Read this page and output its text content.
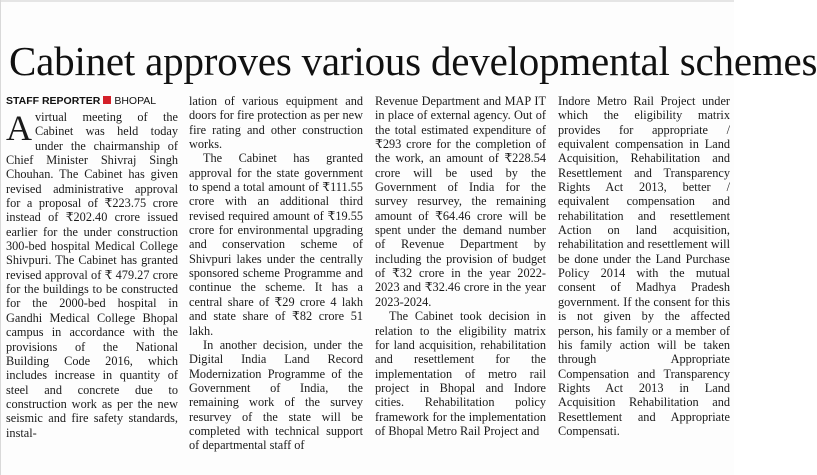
Cabinet approves various developmental schemes
STAFF REPORTER BHOPAL

Avirtual meeting of the Cabinet was held today under the chairmanship of Chief Minister Shivraj Singh Chouhan. The Cabinet has given revised administrative approval for a proposal of ₹223.75 crore instead of ₹202.40 crore issued earlier for the under construction 300-bed hospital Medical College Shivpuri. The Cabinet has granted revised approval of ₹ 479.27 crore for the buildings to be constructed for the 2000-bed hospital in Gandhi Medical College Bhopal campus in accordance with the provisions of the National Building Code 2016, which includes increase in quantity of steel and concrete due to construction work as per the new seismic and fire safety standards, instal-

lation of various equipment and doors for fire protection as per new fire rating and other construction works.

The Cabinet has granted approval for the state government to spend a total amount of ₹111.55 crore with an additional third revised required amount of ₹19.55 crore for environmental upgrading and conservation scheme of Shivpuri lakes under the centrally sponsored scheme Programme and continue the scheme. It has a central share of ₹29 crore 4 lakh and state share of ₹82 crore 51 lakh.

In another decision, under the Digital India Land Record Modernization Programme of the Government of India, the remaining work of the survey resurvey of the state will be completed with technical support of departmental staff of

Revenue Department and MAP IT in place of external agency. Out of the total estimated expenditure of ₹293 crore for the completion of the work, an amount of ₹228.54 crore will be used by the Government of India for the survey resurvey, the remaining amount of ₹64.46 crore will be spent under the demand number of Revenue Department by including the provision of budget of ₹32 crore in the year 2022-2023 and ₹32.46 crore in the year 2023-2024.

The Cabinet took decision in relation to the eligibility matrix for land acquisition, rehabilitation and resettlement for the implementation of metro rail project in Bhopal and Indore cities. Rehabilitation policy framework for the implementation of Bhopal Metro Rail Project and

Indore Metro Rail Project under which the eligibility matrix provides for appropriate / equivalent compensation in Land Acquisition, Rehabilitation and Resettlement and Transparency Rights Act 2013, better / equivalent compensation and rehabilitation and resettlement Action on land acquisition, rehabilitation and resettlement will be done under the Land Purchase Policy 2014 with the mutual consent of Madhya Pradesh government. If the consent for this is not given by the affected person, his family or a member of his family action will be taken through Appropriate Compensation and Transparency Rights Act 2013 in Land Acquisition Rehabilitation and Resettlement and Appropriate Compensati.
